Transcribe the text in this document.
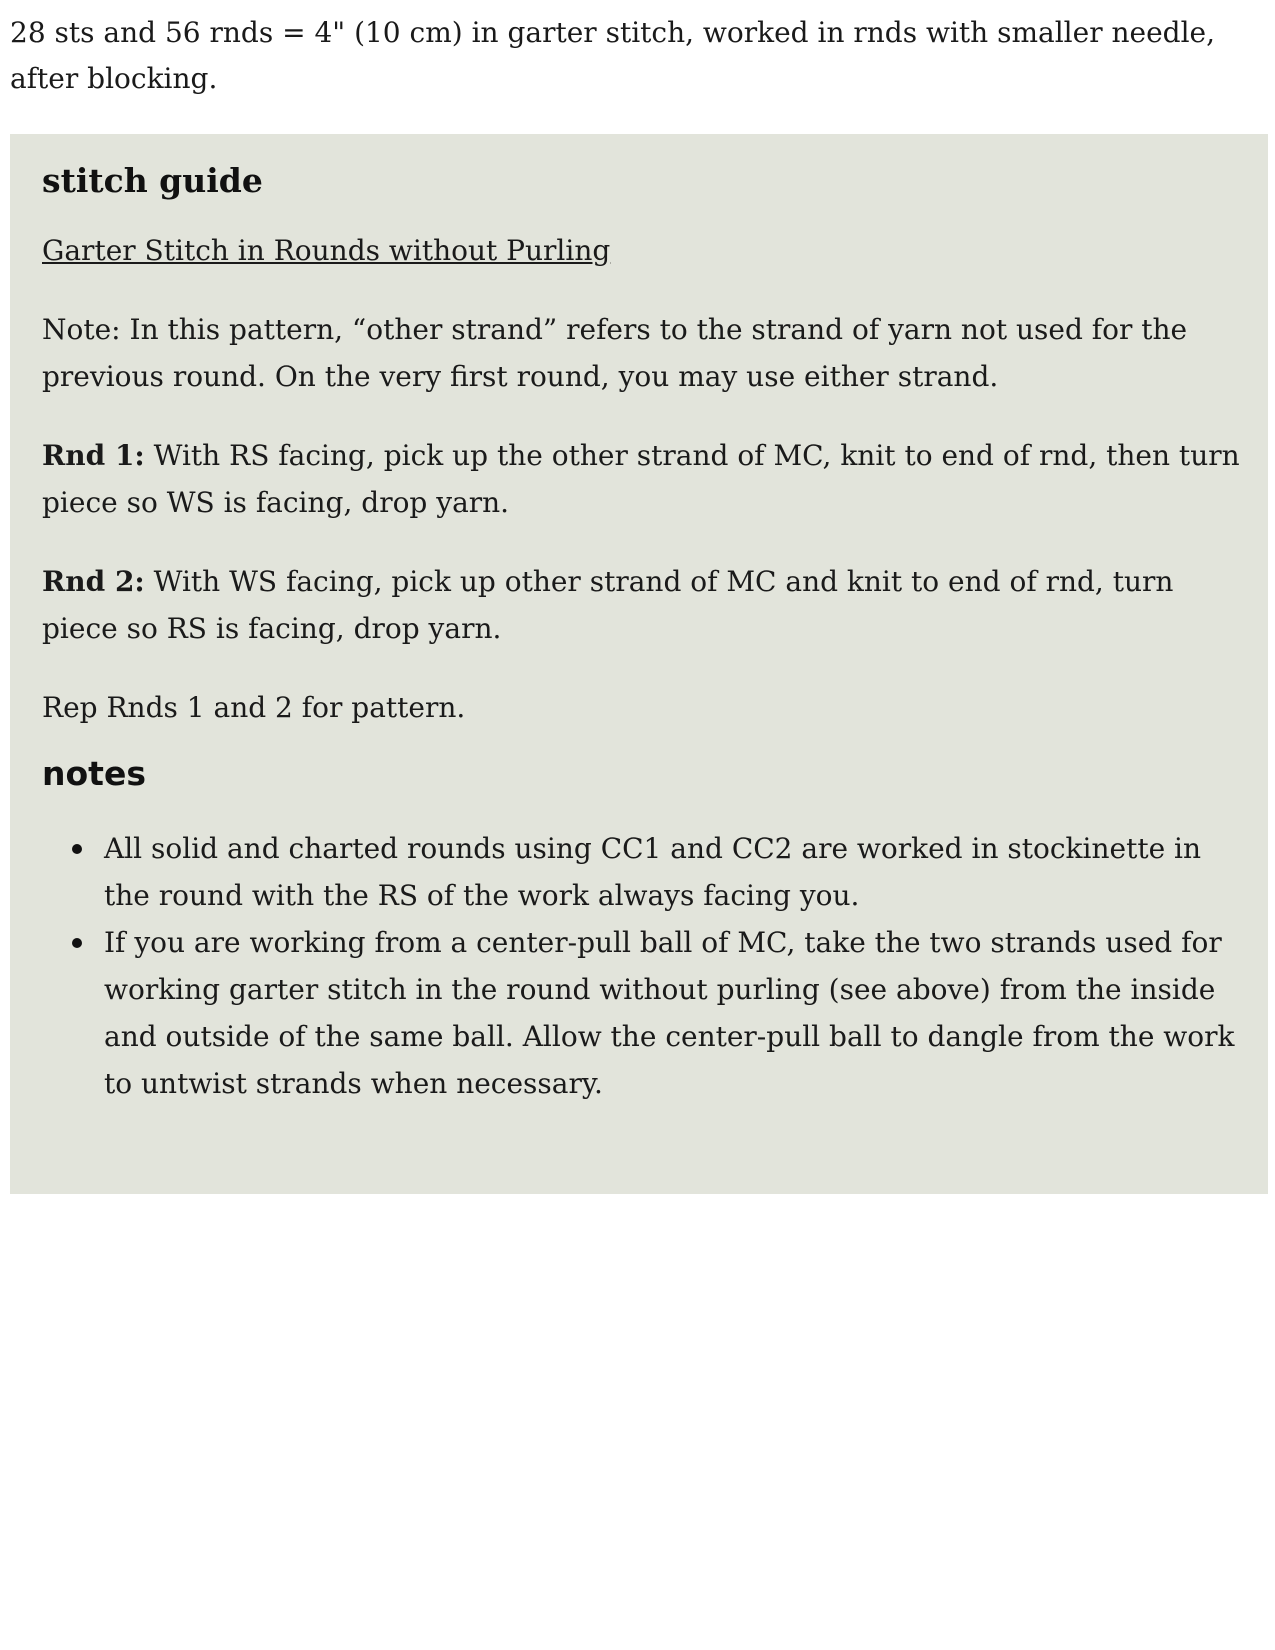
28 sts and 56 rnds = 4" (10 cm) in garter stitch, worked in rnds with smaller needle, after blocking.

stitch guide

Garter Stitch in Rounds without Purling

Note: In this pattern, “other strand” refers to the strand of yarn not used for the previous round. On the very first round, you may use either strand.

Rnd 1: With RS facing, pick up the other strand of MC, knit to end of rnd, then turn piece so WS is facing, drop yarn.

Rnd 2: With WS facing, pick up other strand of MC and knit to end of rnd, turn piece so RS is facing, drop yarn.

Rep Rnds 1 and 2 for pattern.

notes
All solid and charted rounds using CC1 and CC2 are worked in stockinette in the round with the RS of the work always facing you.
If you are working from a center-pull ball of MC, take the two strands used for working garter stitch in the round without purling (see above) from the inside and outside of the same ball. Allow the center-pull ball to dangle from the work to untwist strands when necessary.
